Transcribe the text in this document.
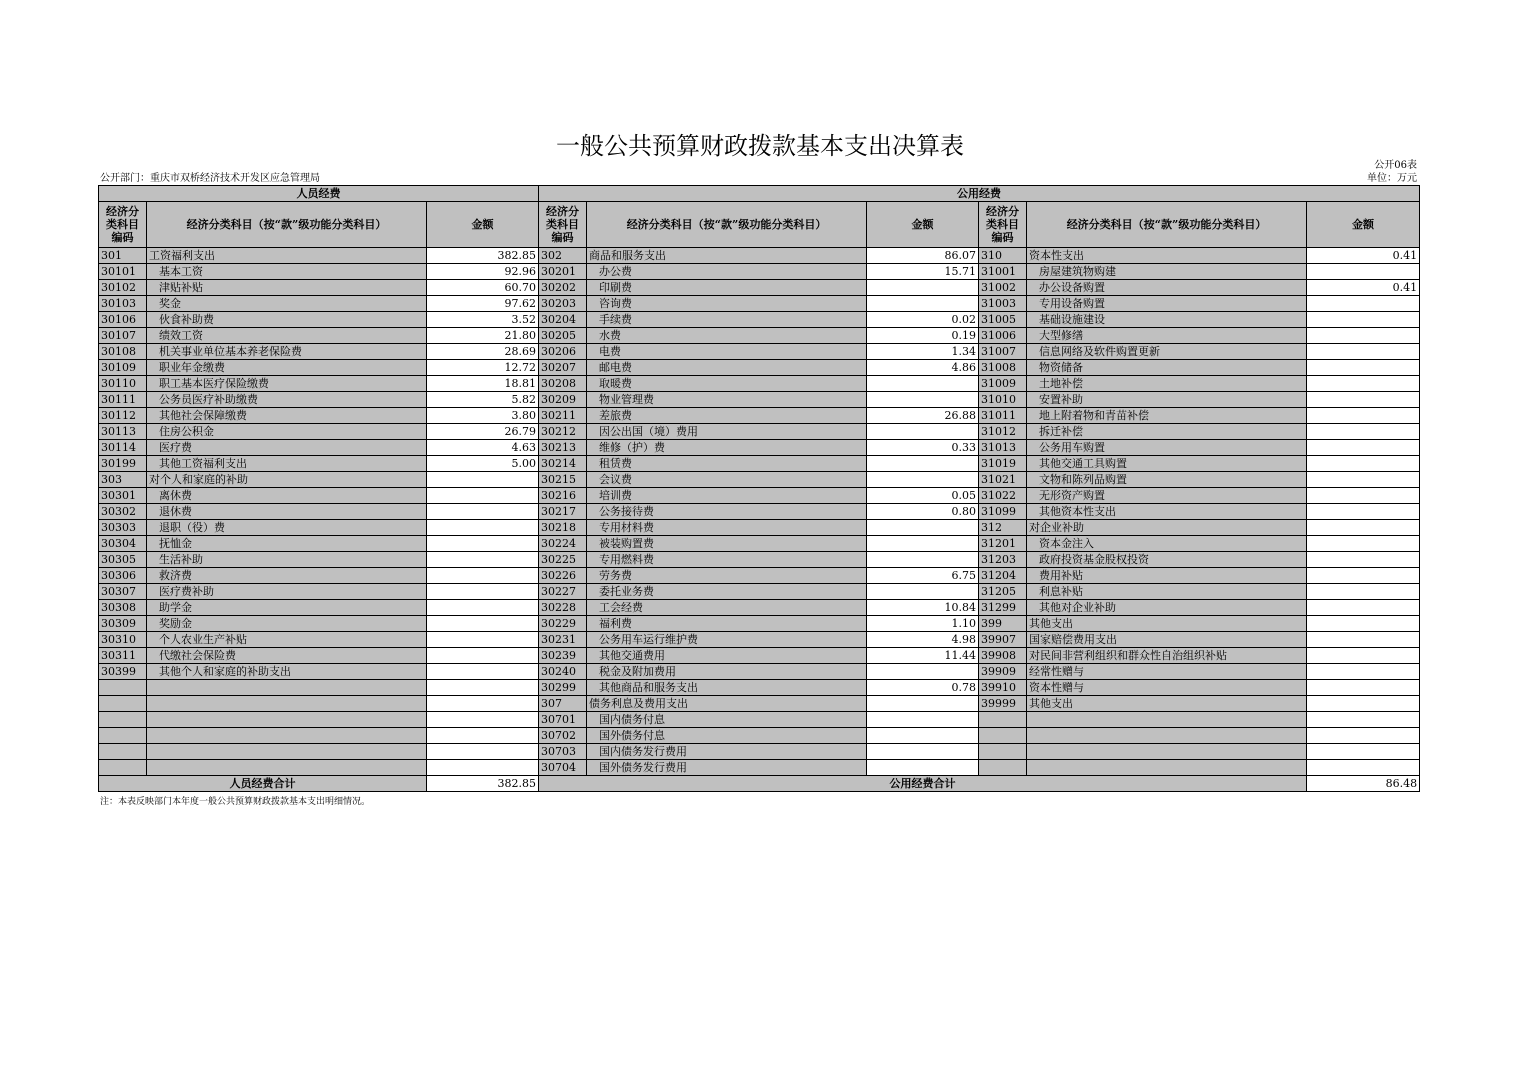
一般公共预算财政拨款基本支出决算表
公开06表
公开部门：重庆市双桥经济技术开发区应急管理局	单位：万元
人员经费			公用经费					
经济分类科目编码	经济分类科目（按“款”级功能分类科目）	金额	经济分类科目编码	经济分类科目（按“款”级功能分类科目）	金额	经济分类科目编码	经济分类科目（按“款”级功能分类科目）	金额
301	工资福利支出	382.85	302	商品和服务支出	86.07	310	资本性支出	0.41
30101	基本工资	92.96	30201	办公费	15.71	31001	房屋建筑物购建	
30102	津贴补贴	60.70	30202	印刷费		31002	办公设备购置	0.41
30103	奖金	97.62	30203	咨询费		31003	专用设备购置	
30106	伙食补助费	3.52	30204	手续费	0.02	31005	基础设施建设	
30107	绩效工资	21.80	30205	水费	0.19	31006	大型修缮	
30108	机关事业单位基本养老保险费	28.69	30206	电费	1.34	31007	信息网络及软件购置更新	
30109	职业年金缴费	12.72	30207	邮电费	4.86	31008	物资储备	
30110	职工基本医疗保险缴费	18.81	30208	取暖费		31009	土地补偿	
30111	公务员医疗补助缴费	5.82	30209	物业管理费		31010	安置补助	
30112	其他社会保障缴费	3.80	30211	差旅费	26.88	31011	地上附着物和青苗补偿	
30113	住房公积金	26.79	30212	因公出国（境）费用		31012	拆迁补偿	
30114	医疗费	4.63	30213	维修（护）费	0.33	31013	公务用车购置	
30199	其他工资福利支出	5.00	30214	租赁费		31019	其他交通工具购置	
303	对个人和家庭的补助		30215	会议费		31021	文物和陈列品购置	
30301	离休费		30216	培训费	0.05	31022	无形资产购置	
30302	退休费		30217	公务接待费	0.80	31099	其他资本性支出	
30303	退职（役）费		30218	专用材料费		312	对企业补助	
30304	抚恤金		30224	被装购置费		31201	资本金注入	
30305	生活补助		30225	专用燃料费		31203	政府投资基金股权投资	
30306	救济费		30226	劳务费	6.75	31204	费用补贴	
30307	医疗费补助		30227	委托业务费		31205	利息补贴	
30308	助学金		30228	工会经费	10.84	31299	其他对企业补助	
30309	奖励金		30229	福利费	1.10	399	其他支出	
30310	个人农业生产补贴		30231	公务用车运行维护费	4.98	39907	国家赔偿费用支出	
30311	代缴社会保险费		30239	其他交通费用	11.44	39908	对民间非营利组织和群众性自治组织补贴	
30399	其他个人和家庭的补助支出		30240	税金及附加费用		39909	经常性赠与	
			30299	其他商品和服务支出	0.78	39910	资本性赠与	
			307	债务利息及费用支出		39999	其他支出	
			30701	国内债务付息				
			30702	国外债务付息				
			30703	国内债务发行费用				
			30704	国外债务发行费用				
人员经费合计		382.85	公用经费合计					86.48
注：本表反映部门本年度一般公共预算财政拨款基本支出明细情况。
